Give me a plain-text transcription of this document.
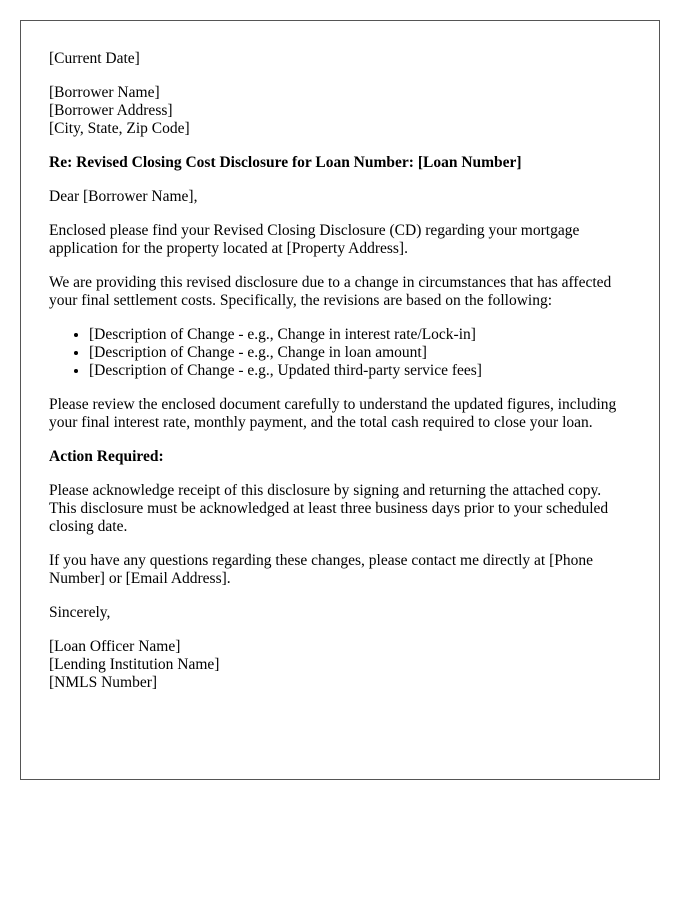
[Current Date]

[Borrower Name]
[Borrower Address]
[City, State, Zip Code]

Re: Revised Closing Cost Disclosure for Loan Number: [Loan Number]

Dear [Borrower Name],

Enclosed please find your Revised Closing Disclosure (CD) regarding your mortgage application for the property located at [Property Address].

We are providing this revised disclosure due to a change in circumstances that has affected your final settlement costs. Specifically, the revisions are based on the following:

• [Description of Change - e.g., Change in interest rate/Lock-in]
• [Description of Change - e.g., Change in loan amount]
• [Description of Change - e.g., Updated third-party service fees]

Please review the enclosed document carefully to understand the updated figures, including your final interest rate, monthly payment, and the total cash required to close your loan.

Action Required:

Please acknowledge receipt of this disclosure by signing and returning the attached copy. This disclosure must be acknowledged at least three business days prior to your scheduled closing date.

If you have any questions regarding these changes, please contact me directly at [Phone Number] or [Email Address].

Sincerely,

[Loan Officer Name]
[Lending Institution Name]
[NMLS Number]
